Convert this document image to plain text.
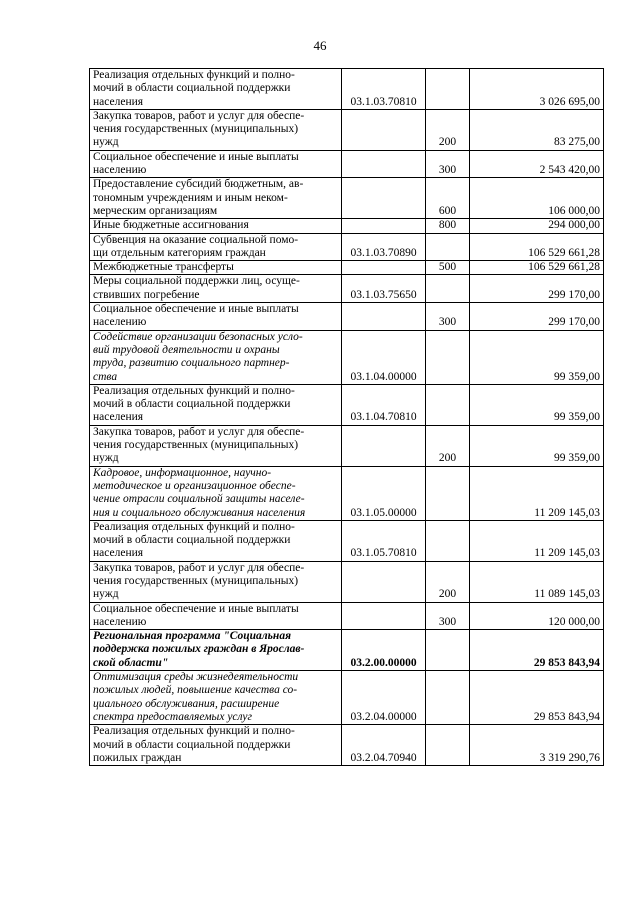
46
Реализация отдельных функций и полно-
мочий в области социальной поддержки
населения	03.1.03.70810		3 026 695,00

Закупка товаров, работ и услуг для обеспе-
чения государственных (муниципальных)
нужд		200	83 275,00

Социальное обеспечение и иные выплаты
населению		300	2 543 420,00

Предоставление субсидий бюджетным, ав-
тономным учреждениям и иным неком-
мерческим организациям		600	106 000,00

Иные бюджетные ассигнования		800	294 000,00

Субвенция на оказание социальной помо-
щи отдельным категориям граждан	03.1.03.70890		106 529 661,28

Межбюджетные трансферты		500	106 529 661,28

Меры социальной поддержки лиц, осуще-
ствивших погребение	03.1.03.75650		299 170,00

Социальное обеспечение и иные выплаты
населению		300	299 170,00

Содействие организации безопасных усло-
вий трудовой деятельности и охраны
труда, развитию социального партнер-
ства	03.1.04.00000		99 359,00

Реализация отдельных функций и полно-
мочий в области социальной поддержки
населения	03.1.04.70810		99 359,00

Закупка товаров, работ и услуг для обеспе-
чения государственных (муниципальных)
нужд		200	99 359,00

Кадровое, информационное, научно-
методическое и организационное обеспе-
чение отрасли социальной защиты населе-
ния и социального обслуживания населения	03.1.05.00000		11 209 145,03

Реализация отдельных функций и полно-
мочий в области социальной поддержки
населения	03.1.05.70810		11 209 145,03

Закупка товаров, работ и услуг для обеспе-
чения государственных (муниципальных)
нужд		200	11 089 145,03

Социальное обеспечение и иные выплаты
населению		300	120 000,00

Региональная программа "Социальная
поддержка пожилых граждан в Ярослав-
ской области"	03.2.00.00000		29 853 843,94

Оптимизация среды жизнедеятельности
пожилых людей, повышение качества со-
циального обслуживания, расширение
спектра предоставляемых услуг	03.2.04.00000		29 853 843,94

Реализация отдельных функций и полно-
мочий в области социальной поддержки
пожилых граждан	03.2.04.70940		3 319 290,76
